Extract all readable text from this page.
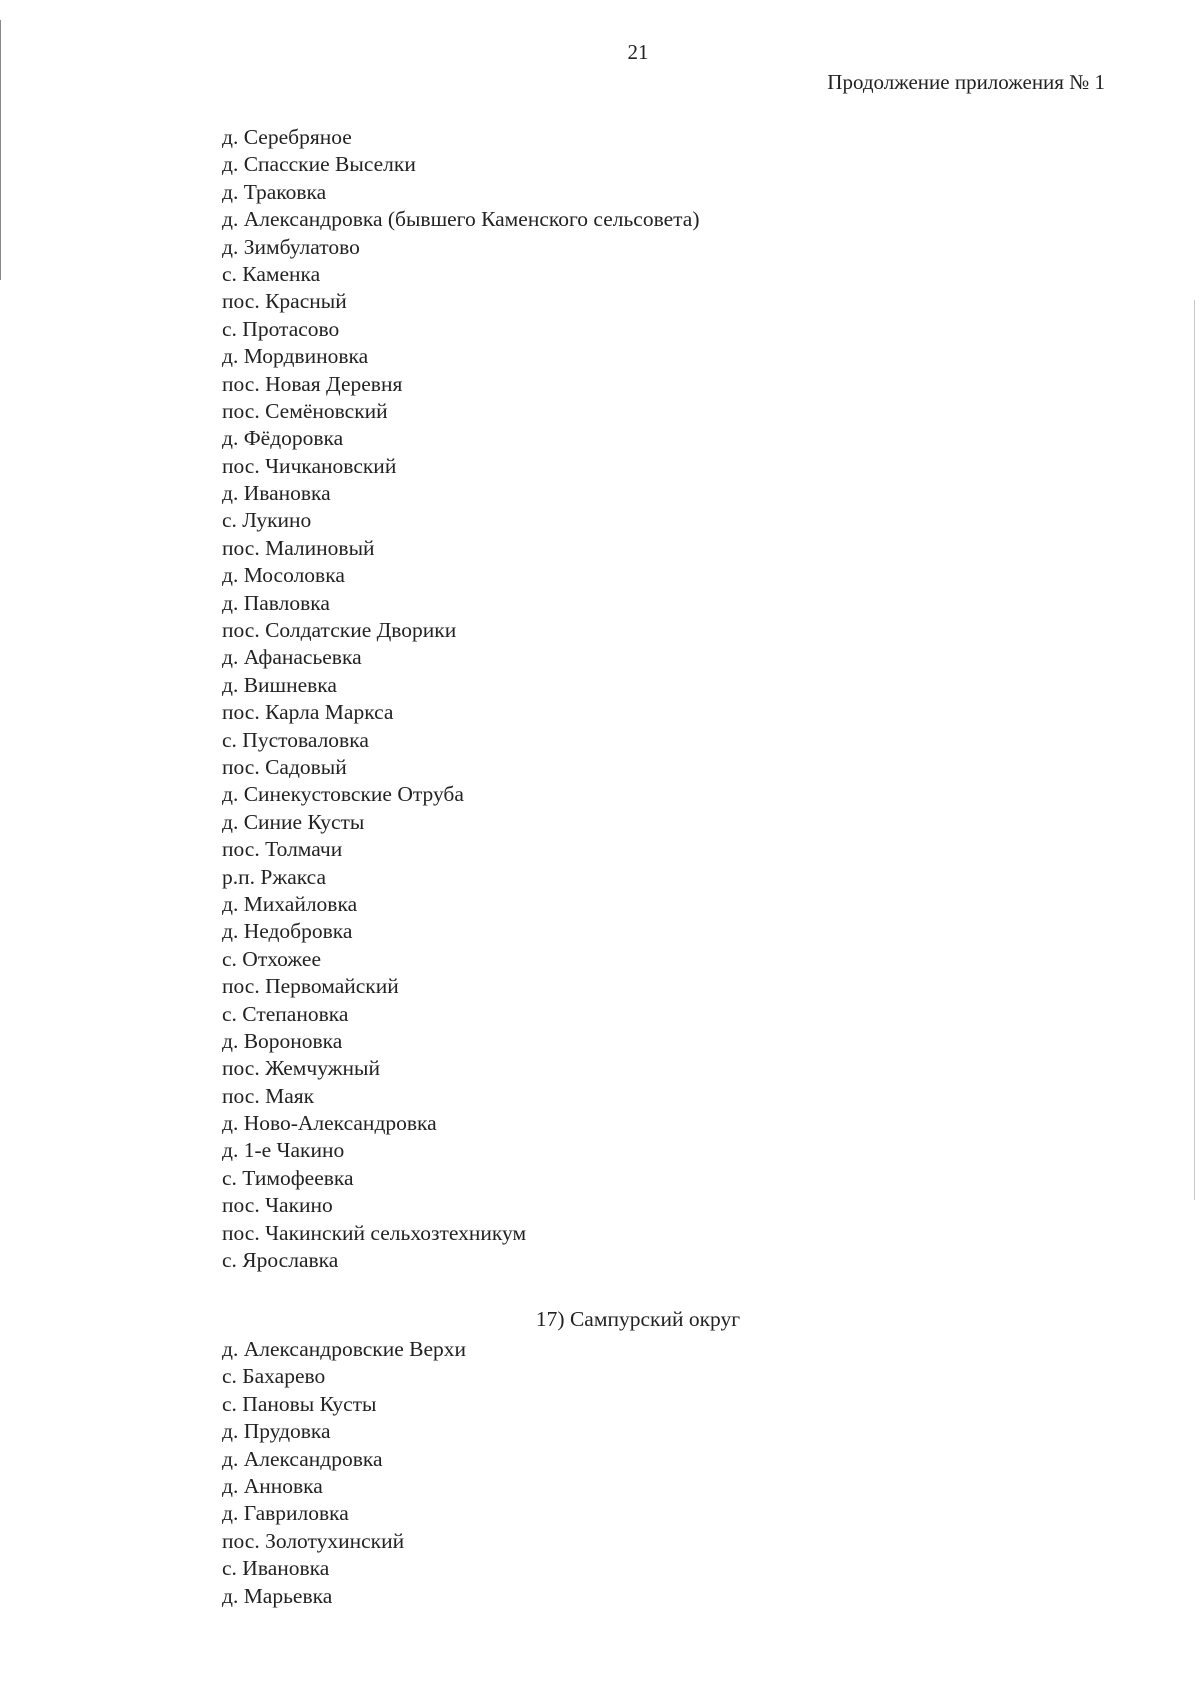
21
Продолжение приложения № 1
д. Серебряное
д. Спасские Выселки
д. Траковка
д. Александровка (бывшего Каменского сельсовета)
д. Зимбулатово
с. Каменка
пос. Красный
с. Протасово
д. Мордвиновка
пос. Новая Деревня
пос. Семёновский
д. Фёдоровка
пос. Чичкановский
д. Ивановка
с. Лукино
пос. Малиновый
д. Мосоловка
д. Павловка
пос. Солдатские Дворики
д. Афанасьевка
д. Вишневка
пос. Карла Маркса
с. Пустоваловка
пос. Садовый
д. Синекустовские Отруба
д. Синие Кусты
пос. Толмачи
р.п. Ржакса
д. Михайловка
д. Недобровка
с. Отхожее
пос. Первомайский
с. Степановка
д. Вороновка
пос. Жемчужный
пос. Маяк
д. Ново-Александровка
д. 1-е Чакино
с. Тимофеевка
пос. Чакино
пос. Чакинский сельхозтехникум
с. Ярославка
17) Сампурский округ
д. Александровские Верхи
с. Бахарево
с. Пановы Кусты
д. Прудовка
д. Александровка
д. Анновка
д. Гавриловка
пос. Золотухинский
с. Ивановка
д. Марьевка
